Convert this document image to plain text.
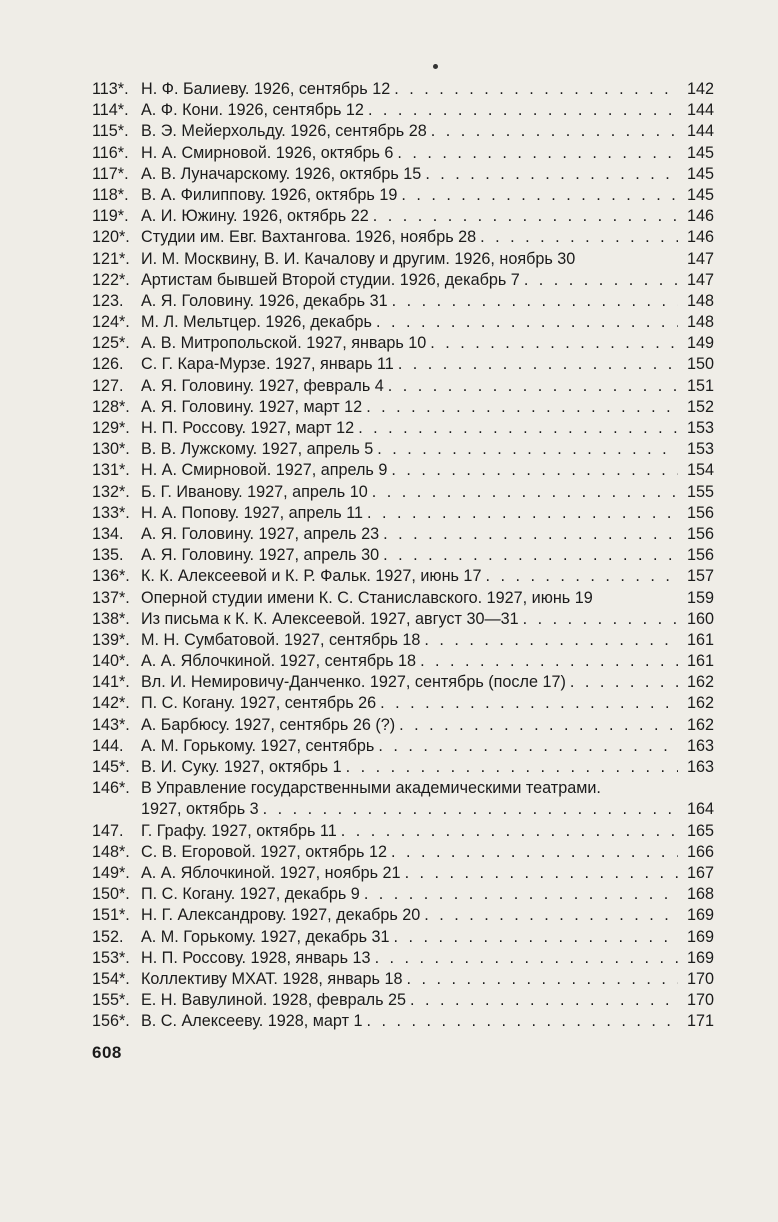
113*. Н. Ф. Балиеву. 1926, сентябрь 12 . . .	142
114*. А. Ф. Кони. 1926, сентябрь 12 . . .	144
115*. В. Э. Мейерхольду. 1926, сентябрь 28 . . .	144
116*. Н. А. Смирновой. 1926, октябрь 6 . . .	145
117*. А. В. Луначарскому. 1926, октябрь 15 . . .	145
118*. В. А. Филиппову. 1926, октябрь 19 . . .	145
119*. А. И. Южину. 1926, октябрь 22 . . .	146
120*. Студии им. Евг. Вахтангова. 1926, ноябрь 28 . . .	146
121*. И. М. Москвину, В. И. Качалову и другим. 1926, ноябрь 30	147
122*. Артистам бывшей Второй студии. 1926, декабрь 7 . . .	147
123.	А. Я. Головину. 1926, декабрь 31 . . .	148
124*. М. Л. Мельтцер. 1926, декабрь . . .	148
125*. А. В. Митропольской. 1927, январь 10 . . .	149
126.	С. Г. Кара-Мурзе. 1927, январь 11 . . .	150
127.	А. Я. Головину. 1927, февраль 4 . . .	151
128*. А. Я. Головину. 1927, март 12 . . .	152
129*. Н. П. Россову. 1927, март 12 . . .	153
130*. В. В. Лужскому. 1927, апрель 5 . . .	153
131*. Н. А. Смирновой. 1927, апрель 9 . . .	154
132*. Б. Г. Иванову. 1927, апрель 10 . . .	155
133*. Н. А. Попову. 1927, апрель 11 . . .	156
134.	А. Я. Головину. 1927, апрель 23 . . .	156
135.	А. Я. Головину. 1927, апрель 30 . . .	156
136*. К. К. Алексеевой и К. Р. Фальк. 1927, июнь 17 . . .	157
137*. Оперной студии имени К. С. Станиславского. 1927, июнь 19	159
138*. Из письма к К. К. Алексеевой. 1927, август 30—31 . . .	160
139*. М. Н. Сумбатовой. 1927, сентябрь 18 . . .	161
140*. А. А. Яблочкиной. 1927, сентябрь 18 . . .	161
141*. Вл. И. Немировичу-Данченко. 1927, сентябрь (после 17) . . .	162
142*. П. С. Когану. 1927, сентябрь 26 . . .	162
143*. А. Барбюсу. 1927, сентябрь 26 (?) . . .	162
144.	А. М. Горькому. 1927, сентябрь . . .	163
145*. В. И. Суку. 1927, октябрь 1 . . .	163
146*. В Управление государственными академическими театрами.
1927, октябрь 3 . . .	164
147.	Г. Графу. 1927, октябрь 11 . . .	165
148*. С. В. Егоровой. 1927, октябрь 12 . . .	166
149*. А. А. Яблочкиной. 1927, ноябрь 21 . . .	167
150*. П. С. Когану. 1927, декабрь 9 . . .	168
151*. Н. Г. Александрову. 1927, декабрь 20 . . .	169
152.	А. М. Горькому. 1927, декабрь 31 . . .	169
153*. Н. П. Россову. 1928, январь 13 . . .	169
154*. Коллективу МХАТ. 1928, январь 18 . . .	170
155*. Е. Н. Вавулиной. 1928, февраль 25 . . .	170
156*. В. С. Алексееву. 1928, март 1 . . .	171
608
